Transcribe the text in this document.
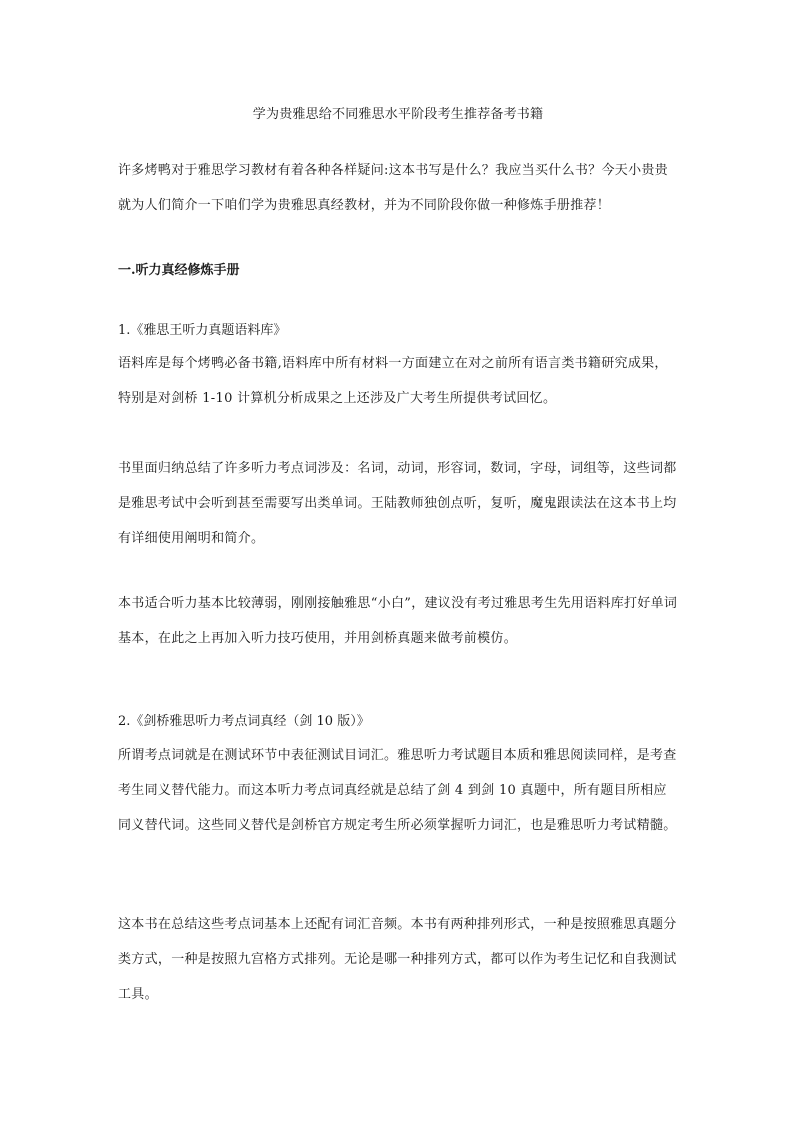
学为贵雅思给不同雅思水平阶段考生推荐备考书籍

许多烤鸭对于雅思学习教材有着各种各样疑问:这本书写是什么？我应当买什么书？今天小贵贵就为人们简介一下咱们学为贵雅思真经教材，并为不同阶段你做一种修炼手册推荐！

一.听力真经修炼手册
1.《雅思王听力真题语料库》

语料库是每个烤鸭必备书籍,语料库中所有材料一方面建立在对之前所有语言类书籍研究成果，特别是对剑桥 1-10 计算机分析成果之上还涉及广大考生所提供考试回忆。

书里面归纳总结了许多听力考点词涉及：名词，动词，形容词，数词，字母，词组等，这些词都是雅思考试中会听到甚至需要写出类单词。王陆教师独创点听，复听，魔鬼跟读法在这本书上均有详细使用阐明和简介。

本书适合听力基本比较薄弱，刚刚接触雅思“小白”，建议没有考过雅思考生先用语料库打好单词基本，在此之上再加入听力技巧使用，并用剑桥真题来做考前模仿。

2.《剑桥雅思听力考点词真经（剑 10 版）》

所谓考点词就是在测试环节中表征测试目词汇。雅思听力考试题目本质和雅思阅读同样，是考查考生同义替代能力。而这本听力考点词真经就是总结了剑 4 到剑 10 真题中，所有题目所相应同义替代词。这些同义替代是剑桥官方规定考生所必须掌握听力词汇，也是雅思听力考试精髓。

这本书在总结这些考点词基本上还配有词汇音频。本书有两种排列形式，一种是按照雅思真题分类方式，一种是按照九宫格方式排列。无论是哪一种排列方式，都可以作为考生记忆和自我测试工具。
